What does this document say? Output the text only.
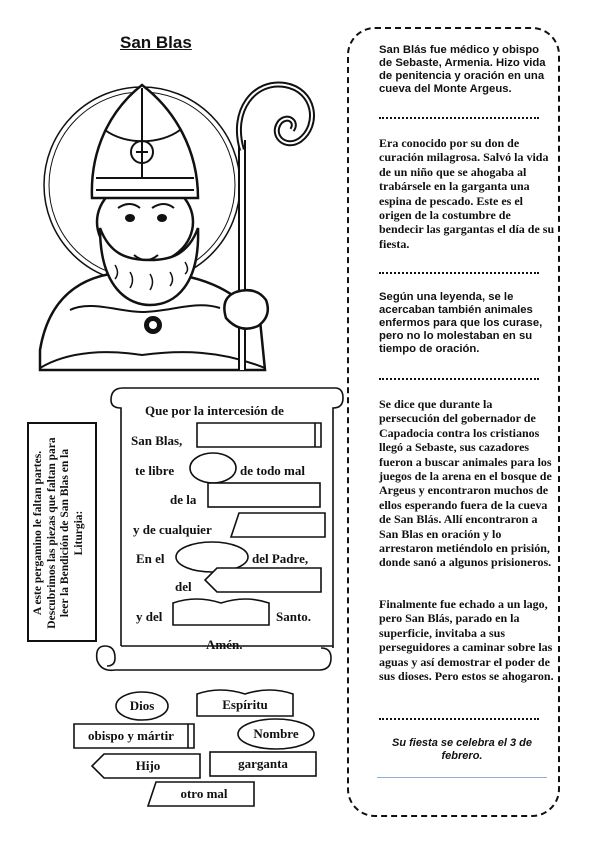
San Blas	San Blás fue médico y obispo de Sebaste, Armenia. Hizo vida de penitencia y oración en una cueva del Monte Argeus.
Era conocido por su don de curación milagrosa. Salvó la vida de un niño que se ahogaba al trabársele en la garganta una espina de pescado. Este es el origen de la costumbre de bendecir las gargantas el día de su fiesta.
Según una leyenda, se le acercaban también animales enfermos para que los curase, pero no lo molestaban en su tiempo de oración.
Se dice que durante la persecución del gobernador de Capadocia contra los cristianos llegó a Sebaste, sus cazadores fueron a buscar animales para los juegos de la arena en el bosque de Argeus y encontraron muchos de ellos esperando fuera de la cueva de San Blás. Allí encontraron a San Blas en oración y lo arrestaron metiéndolo en prisión, donde sanó a algunos prisioneros.
Finalmente fue echado a un lago, pero San Blás, parado en la superficie, invitaba a sus perseguidores a caminar sobre las aguas y así demostrar el poder de sus dioses. Pero estos se ahogaron.
Su fiesta se celebra el 3 de febrero.
A este pergamino le faltan partes. Descubrimos las piezas que faltan para leer la Bendición de San Blas en la Liturgia:
Que por la intercesión de
San Blas,
te libre	de todo mal
de la
y de cualquier
En el	del Padre,
del
y del	Santo.
Amén.
Dios	Espíritu
obispo y mártir	Nombre
Hijo	garganta
otro mal
